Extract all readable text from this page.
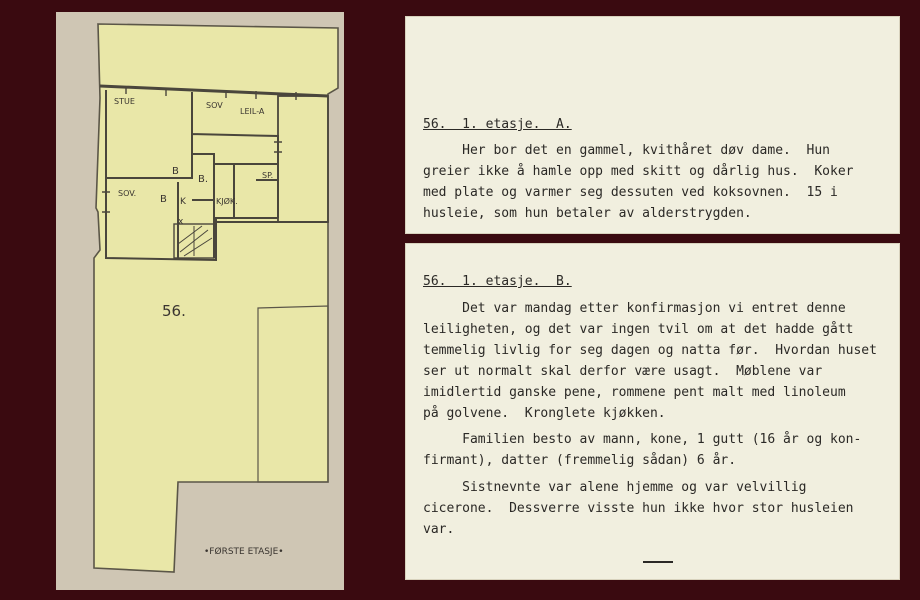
STUE	SOV
LEIL-A
B
B.	SP.
SOV.
B K	KJØK.
x
56.
•FØRSTE ETASJE•
56.  1. etasje.  A.
Her bor det en gammel, kvithåret døv dame.  Hun
greier ikke å hamle opp med skitt og dårlig hus.  Koker
med plate og varmer seg dessuten ved koksovnen.  15 i
husleie, som hun betaler av alderstrygden.
56.  1. etasje.  B.
Det var mandag etter konfirmasjon vi entret denne
leiligheten, og det var ingen tvil om at det hadde gått
temmelig livlig for seg dagen og natta før.  Hvordan huset
ser ut normalt skal derfor være usagt.  Møblene var
imidlertid ganske pene, rommene pent malt med linoleum
på golvene.  Kronglete kjøkken.
Familien besto av mann, kone, 1 gutt (16 år og kon-
firmant), datter (fremmelig sådan) 6 år.
Sistnevnte var alene hjemme og var velvillig
cicerone.  Dessverre visste hun ikke hvor stor husleien
var.
